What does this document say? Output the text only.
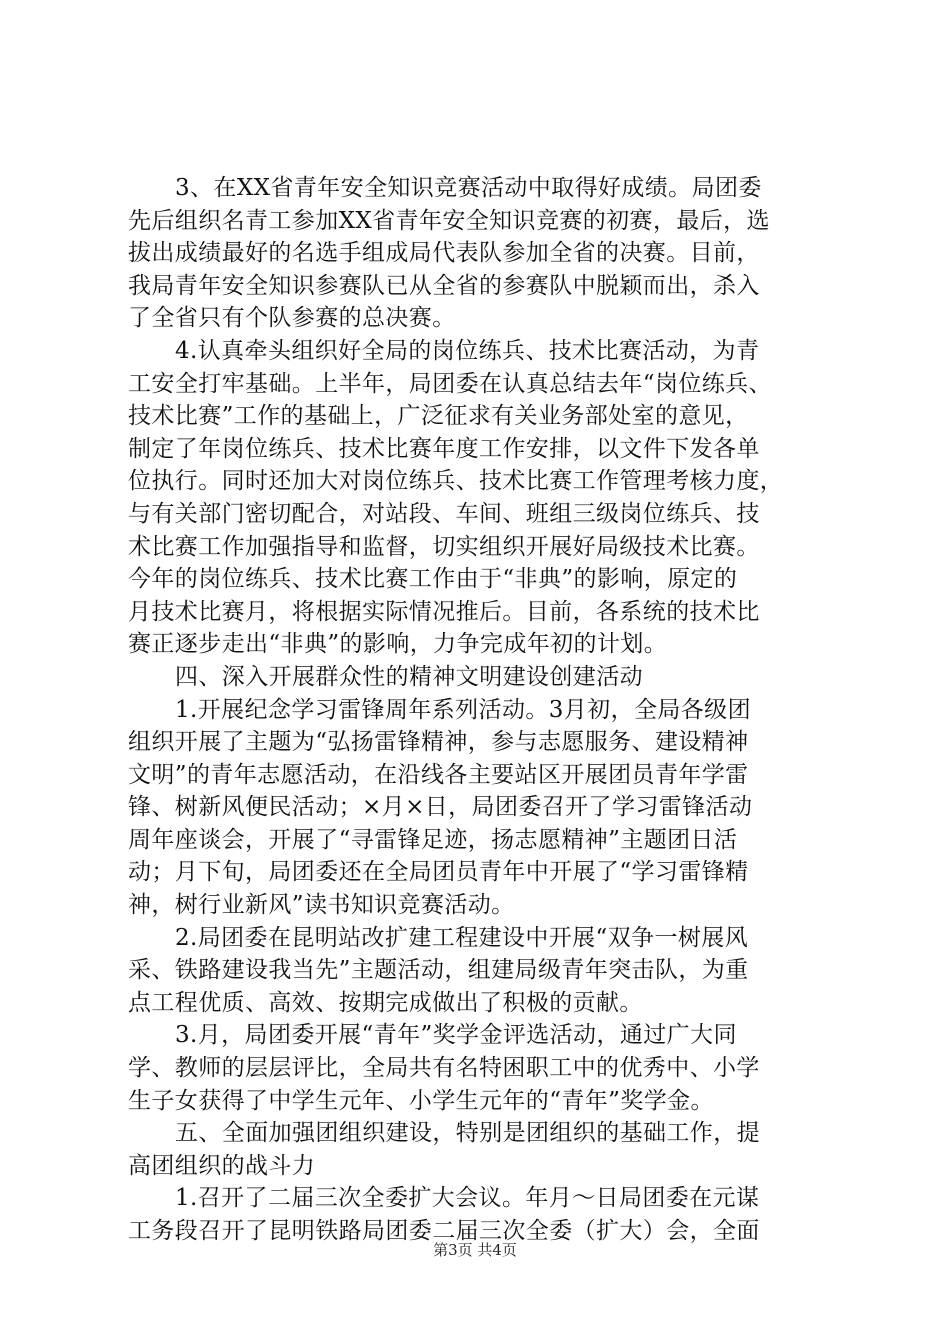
3、在XX省青年安全知识竞赛活动中取得好成绩。局团委
先后组织名青工参加XX省青年安全知识竞赛的初赛，最后，选
拔出成绩最好的名选手组成局代表队参加全省的决赛。目前，
我局青年安全知识参赛队已从全省的参赛队中脱颖而出，杀入
了全省只有个队参赛的总决赛。
4.认真牵头组织好全局的岗位练兵、技术比赛活动，为青
工安全打牢基础。上半年，局团委在认真总结去年“岗位练兵、
技术比赛”工作的基础上，广泛征求有关业务部处室的意见，
制定了年岗位练兵、技术比赛年度工作安排，以文件下发各单
位执行。同时还加大对岗位练兵、技术比赛工作管理考核力度，
与有关部门密切配合，对站段、车间、班组三级岗位练兵、技
术比赛工作加强指导和监督，切实组织开展好局级技术比赛。
今年的岗位练兵、技术比赛工作由于“非典”的影响，原定的
月技术比赛月，将根据实际情况推后。目前，各系统的技术比
赛正逐步走出“非典”的影响，力争完成年初的计划。
四、深入开展群众性的精神文明建设创建活动
1.开展纪念学习雷锋周年系列活动。3月初，全局各级团
组织开展了主题为“弘扬雷锋精神，参与志愿服务、建设精神
文明”的青年志愿活动，在沿线各主要站区开展团员青年学雷
锋、树新风便民活动；×月×日，局团委召开了学习雷锋活动
周年座谈会，开展了“寻雷锋足迹，扬志愿精神”主题团日活
动；月下旬，局团委还在全局团员青年中开展了“学习雷锋精
神，树行业新风”读书知识竞赛活动。
2.局团委在昆明站改扩建工程建设中开展“双争一树展风
采、铁路建设我当先”主题活动，组建局级青年突击队，为重
点工程优质、高效、按期完成做出了积极的贡献。
3.月，局团委开展“青年”奖学金评选活动，通过广大同
学、教师的层层评比，全局共有名特困职工中的优秀中、小学
生子女获得了中学生元年、小学生元年的“青年”奖学金。
五、全面加强团组织建设，特别是团组织的基础工作，提
高团组织的战斗力
1.召开了二届三次全委扩大会议。年月～日局团委在元谋
工务段召开了昆明铁路局团委二届三次全委（扩大）会，全面
第3页 共4页
